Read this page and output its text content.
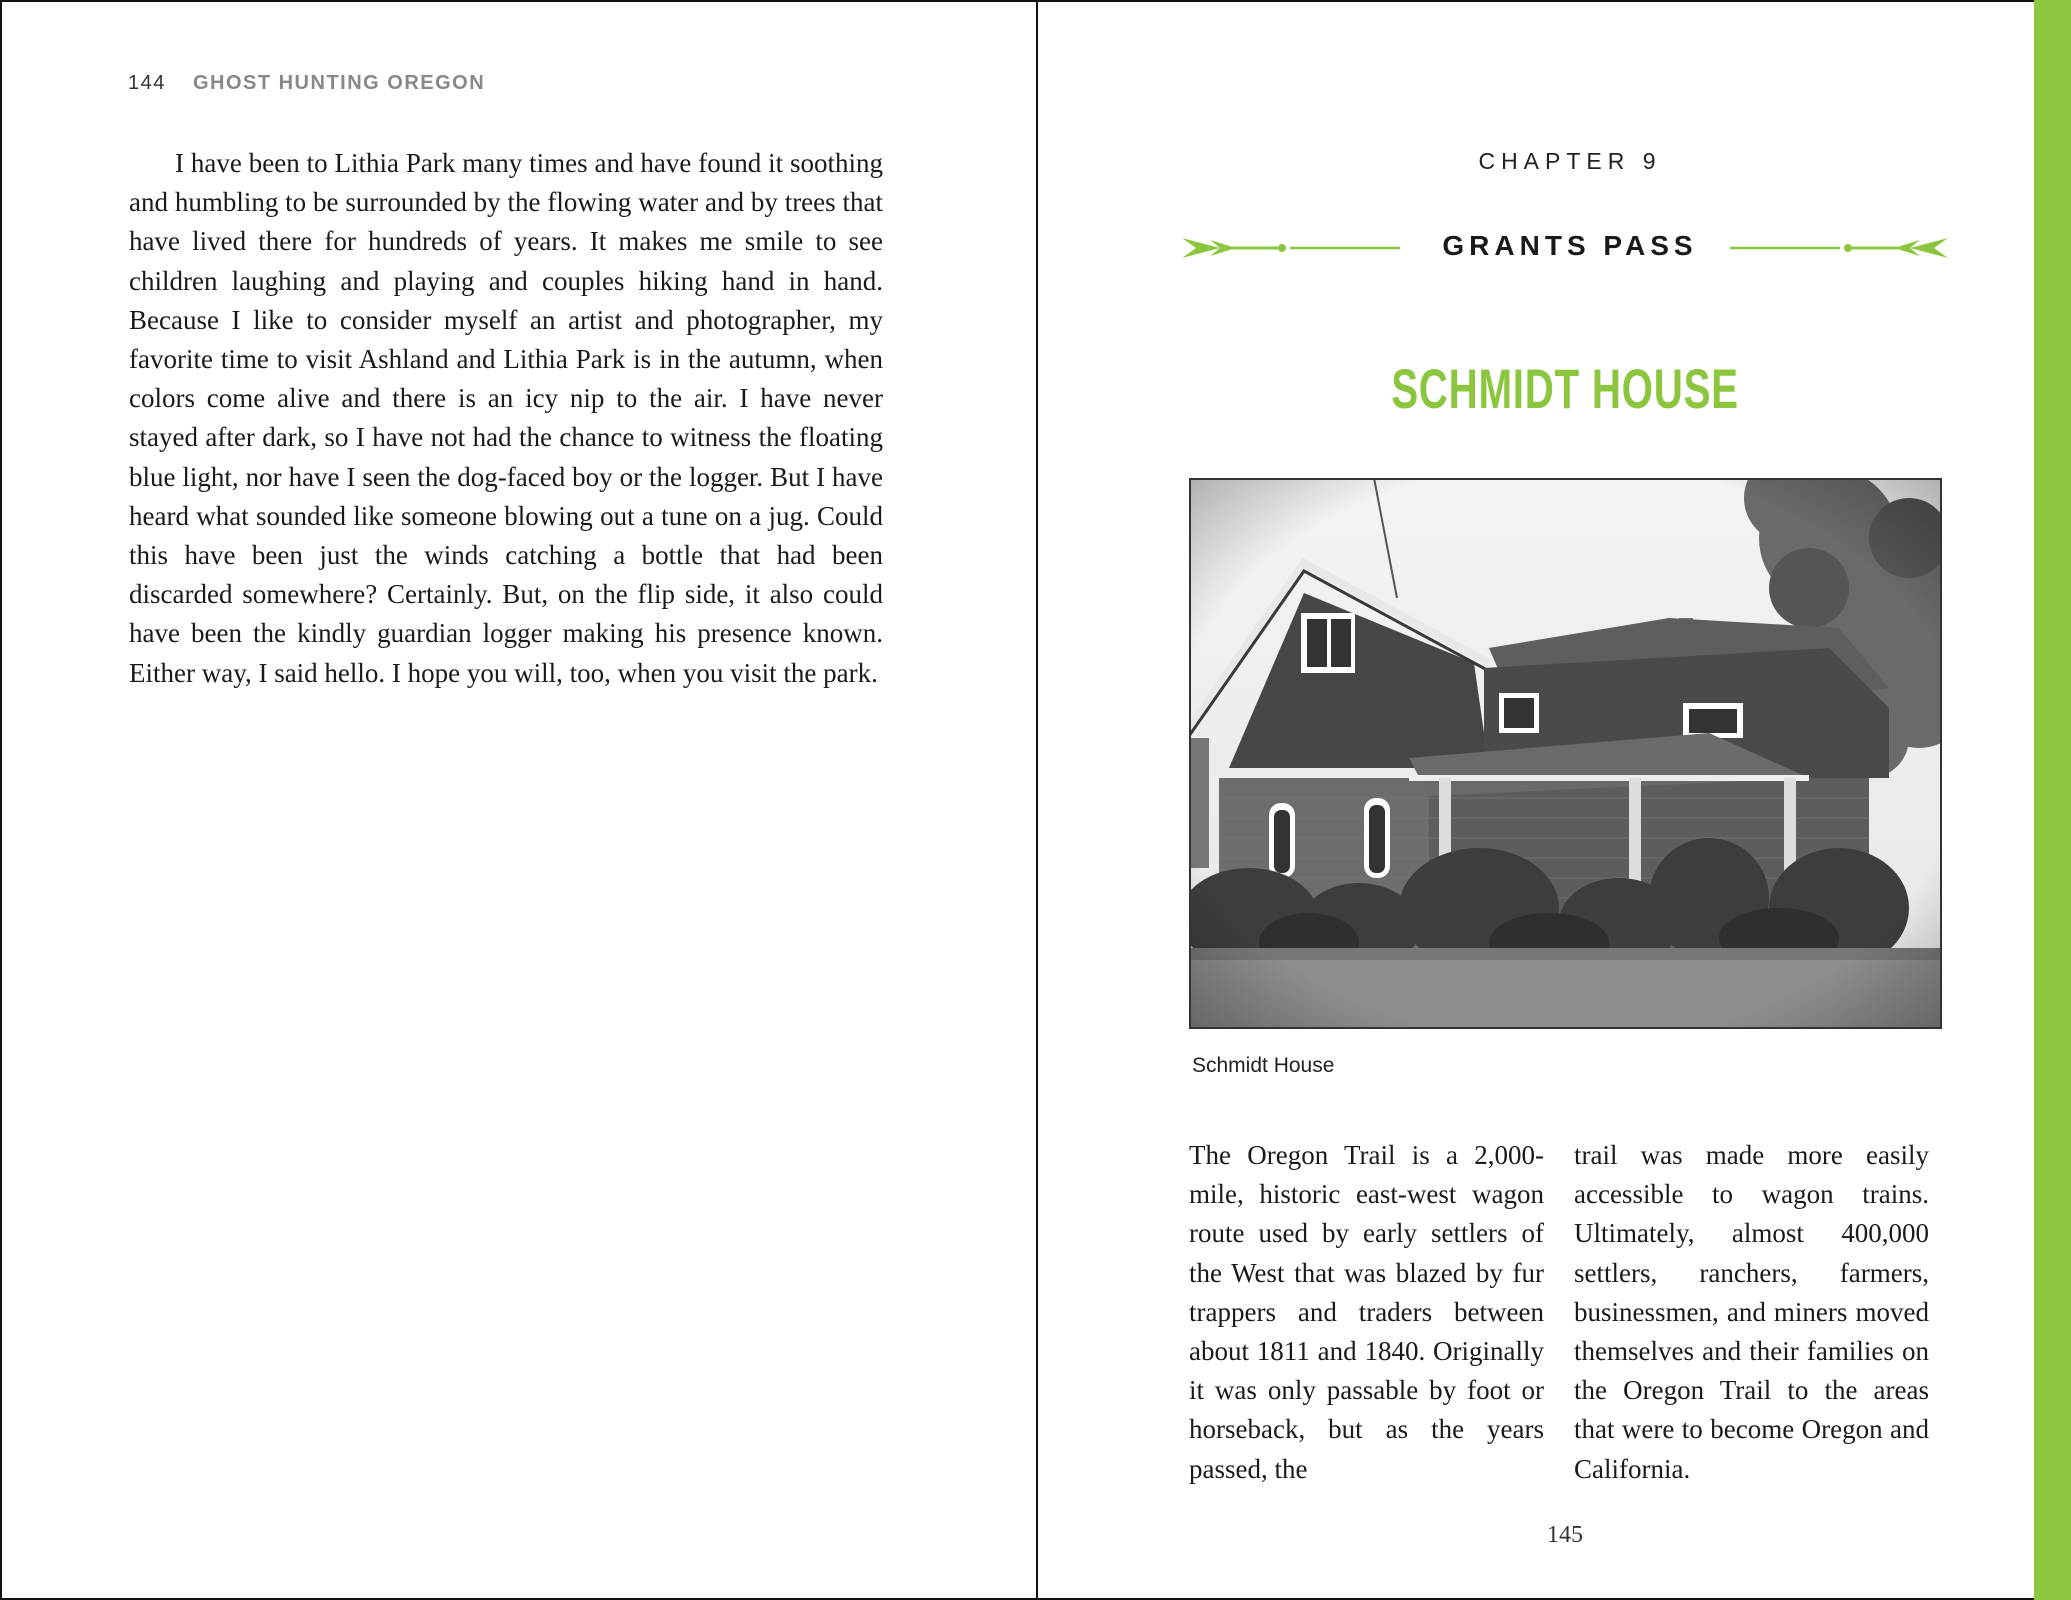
144 GHOST HUNTING OREGON
I have been to Lithia Park many times and have found it soothing and humbling to be surrounded by the flowing water and by trees that have lived there for hundreds of years. It makes me smile to see children laughing and playing and couples hiking hand in hand. Because I like to consider myself an artist and photographer, my favorite time to visit Ashland and Lithia Park is in the autumn, when colors come alive and there is an icy nip to the air. I have never stayed after dark, so I have not had the chance to witness the floating blue light, nor have I seen the dog-faced boy or the logger. But I have heard what sounded like someone blowing out a tune on a jug. Could this have been just the winds catching a bottle that had been discarded somewhere? Certainly. But, on the flip side, it also could have been the kindly guardian logger making his presence known. Either way, I said hello. I hope you will, too, when you visit the park.
CHAPTER 9
GRANTS PASS
SCHMIDT HOUSE
Schmidt House
The Oregon Trail is a 2,000-mile, historic east-west wagon route used by early settlers of the West that was blazed by fur trappers and traders between about 1811 and 1840. Originally it was only passable by foot or horseback, but as the years passed, the
trail was made more easily accessible to wagon trains. Ultimately, almost 400,000 settlers, ranchers, farmers, businessmen, and miners moved themselves and their families on the Oregon Trail to the areas that were to become Oregon and California.
145
